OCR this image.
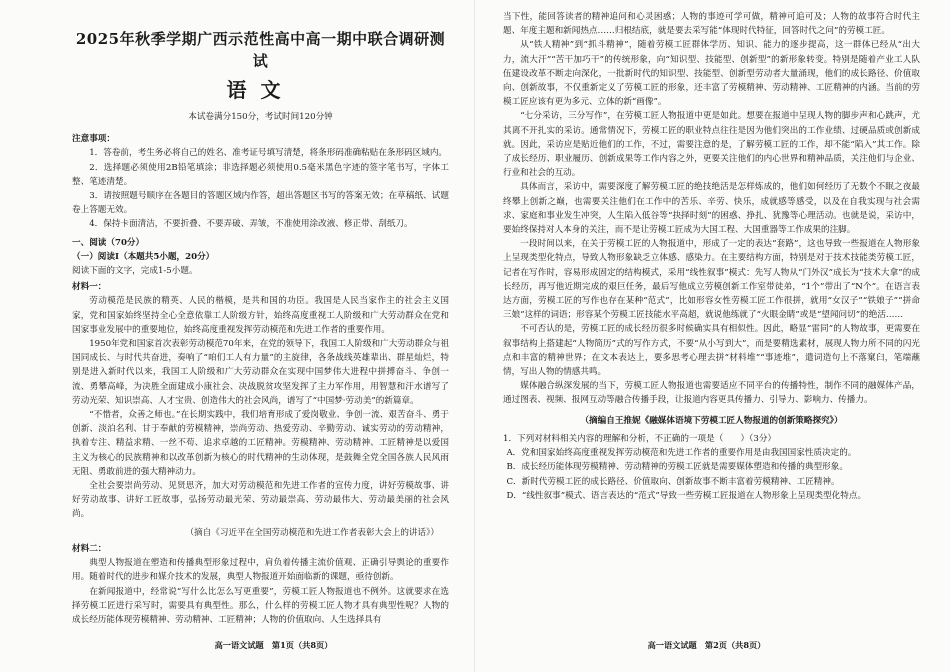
2025年秋季学期广西示范性高中高一期中联合调研测试
语文
本试卷满分150分，考试时间120分钟
注意事项：

1．答卷前，考生务必将自己的姓名、准考证号填写清楚，将条形码准确粘贴在条形码区域内。

2．选择题必须使用2B铅笔填涂；非选择题必须使用0.5毫米黑色字迹的签字笔书写，字体工整、笔迹清楚。

3．请按照题号顺序在各题目的答题区域内作答，超出答题区书写的答案无效；在草稿纸、试题卷上答题无效。

4．保持卡面清洁，不要折叠、不要弄破、弄皱，不准使用涂改液、修正带、刮纸刀。

一、阅读（70分）
（一）阅读Ⅰ（本题共5小题，20分）

阅读下面的文字，完成1-5小题。

材料一：

劳动模范是民族的精英、人民的楷模，是共和国的功臣。我国是人民当家作主的社会主义国家，党和国家始终坚持全心全意依靠工人阶级方针，始终高度重视工人阶级和广大劳动群众在党和国家事业发展中的重要地位，始终高度重视发挥劳动模范和先进工作者的重要作用。

1950年党和国家首次表彰劳动模范70年来，在党的领导下，我国工人阶级和广大劳动群众与祖国同成长、与时代共奋进，奏响了“咱们工人有力量”的主旋律，各条战线英雄辈出、群星灿烂，特别是进入新时代以来，我国工人阶级和广大劳动群众在实现中国梦伟大进程中拼搏奋斗、争创一流、勇攀高峰，为决胜全面建成小康社会、决战脱贫攻坚发挥了主力军作用，用智慧和汗水谱写了劳动光荣、知识崇高、人才宝贵、创造伟大的社会风尚，谱写了“中国梦·劳动美”的新篇章。

“不惜者，众善之师也。”在长期实践中，我们培育形成了爱岗敬业、争创一流、艰苦奋斗、勇于创新、淡泊名利、甘于奉献的劳模精神，崇尚劳动、热爱劳动、辛勤劳动、诚实劳动的劳动精神，执着专注、精益求精、一丝不苟、追求卓越的工匠精神。劳模精神、劳动精神、工匠精神是以爱国主义为核心的民族精神和以改革创新为核心的时代精神的生动体现，是鼓舞全党全国各族人民风雨无阻、勇敢前进的强大精神动力。

全社会要崇尚劳动、见贤思齐，加大对劳动模范和先进工作者的宣传力度，讲好劳模故事、讲好劳动故事、讲好工匠故事，弘扬劳动最光荣、劳动最崇高、劳动最伟大、劳动最美丽的社会风尚。

（摘自《习近平在全国劳动模范和先进工作者表彰大会上的讲话》）
材料二：

典型人物报道在塑造和传播典型形象过程中，肩负着传播主流价值观、正确引导舆论的重要作用。随着时代的进步和媒介技术的发展，典型人物报道开始面临新的课题，亟待创新。

在新闻报道中，经常说“写什么比怎么写更重要”，劳模工匠人物报道也不例外。这就要求在选择劳模工匠进行采写时，需要具有典型性。那么，什么样的劳模工匠人物才具有典型性呢？人物的成长经历能体现劳模精神、劳动精神、工匠精神；人物的价值取向、人生选择具有

高一语文试题　第1页（共8页）

当下性，能回答读者的精神追问和心灵困惑；人物的事迹可学可做，精神可追可及；人物的故事符合时代主题、年度主题和新闻热点……归根结底，就是要去采写能“体现时代特征，回答时代之问”的劳模工匠。

从“铁人精神”到“抓斗精神”，随着劳模工匠群体学历、知识、能力的逐步提高，这一群体已经从“出大力，流大汗”“苦干加巧干”的传统形象，向“知识型、技能型、创新型”的新形象转变。特别是随着产业工人队伍建设改革不断走向深化，一批新时代的知识型、技能型、创新型劳动者大量涌现，他们的成长路径、价值取向、创新故事，不仅重新定义了劳模工匠的形象，还丰富了劳模精神、劳动精神、工匠精神的内涵。当前的劳模工匠应该有更为多元、立体的新“画像”。

“七分采访，三分写作”，在劳模工匠人物报道中更是如此。想要在报道中呈现人物的脚步声和心跳声，尤其离不开扎实的采访。通常情况下，劳模工匠的职业特点往往是因为他们突出的工作业绩、过硬品质或创新成就。因此，采访应是贴近他们的工作，不过，需要注意的是，了解劳模工匠的工作，却不能“陷入”其工作。除了成长经历、职业履历、创新成果等工作内容之外，更要关注他们的内心世界和精神品质，关注他们与企业、行业和社会的互动。

具体而言，采访中，需要深度了解劳模工匠的绝技绝活是怎样炼成的，他们如何经历了无数个不眠之夜最终攀上创新之巅，也需要关注他们在工作中的苦乐、辛劳、快乐，成就感等感受，以及在自我实现与社会需求、家庭和事业发生冲突，人生陷入低谷等“抉择时刻”的困惑、挣扎、犹豫等心理活动。也就是说，采访中，要始终保持对人本身的关注，而不是让劳模工匠成为大国工程、大国重器等工作成果的注脚。

一段时间以来，在关于劳模工匠的人物报道中，形成了一定的表达“套路”，这也导致一些报道在人物形象上呈现类型化特点，导致人物形象缺乏立体感、感染力。在主要结构方面，特别是对于技术技能类劳模工匠，记者在写作时，容易形成固定的结构模式，采用“线性叙事”模式：先写人物从“门外汉”成长为“技术大拿”的成长经历，再写他近期完成的艰巨任务，最后写他成立劳模创新工作室带徒弟，“1个”带出了“N个”。在语言表达方面，劳模工匠的写作也存在某种“范式”，比如形容女性劳模工匠工作很拼，就用“女汉子”“铁娘子”“拼命三娘”这样的词语；形容某个劳模工匠技能水平高超，就说他练就了“火眼金睛”或是“望闻问切”的绝活……

不可否认的是，劳模工匠的成长经历很多时候确实具有相似性。因此，略显“雷同”的人物故事，更需要在叙事结构上搭建起“人物简历”式的写作方式，不要“从小写到大”，而是要精选素材，展现人物力所不同的闪光点和丰富的精神世界；在文本表达上，要多思考心理去拼“材料堆”“事迹堆”，遣词造句上不落窠臼，笔端蘸情，写出人物的情感共鸣。

媒体融合纵深发展的当下，劳模工匠人物报道也需要适应不同平台的传播特性，制作不同的融媒体产品，通过图表、视频、报网互动等融合传播手段，让报道内容更具传播力、引导力、影响力、传播力。

（摘编自王推妮《融媒体语境下劳模工匠人物报道的创新策略探究》）

1．下列对材料相关内容的理解和分析，不正确的一项是（　　）（3分）

A．党和国家始终高度重视发挥劳动模范和先进工作者的重要作用是由我国国家性质决定的。

B．成长经历能体现劳模精神、劳动精神的劳模工匠就是需要媒体塑造和传播的典型形象。

C．新时代劳模工匠的成长路径、价值取向、创新故事不断丰富着劳模精神、工匠精神。

D．“线性叙事”模式、语言表达的“范式”导致一些劳模工匠报道在人物形象上呈现类型化特点。

高一语文试题　第2页（共8页）
